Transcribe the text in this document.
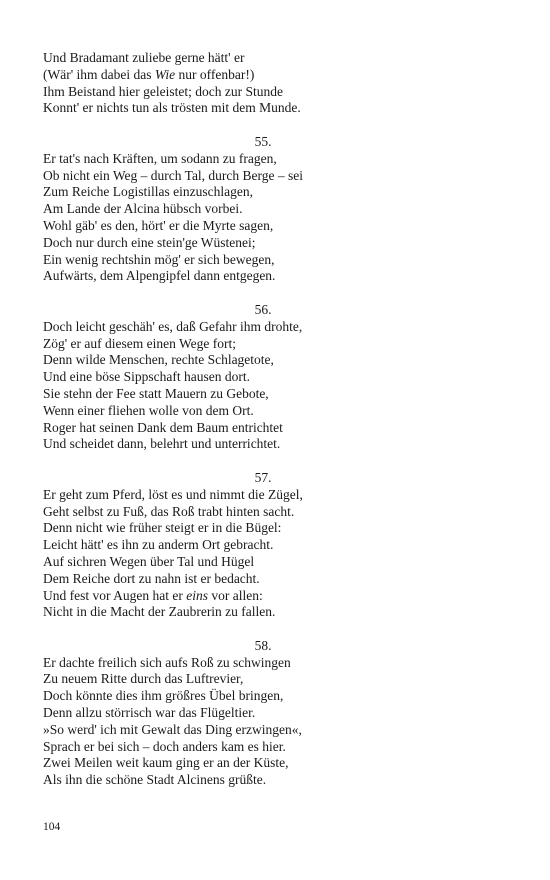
Und Bradamant zuliebe gerne hätt' er
(Wär' ihm dabei das Wie nur offenbar!)
Ihm Beistand hier geleistet; doch zur Stunde
Konnt' er nichts tun als trösten mit dem Munde.
55.
Er tat's nach Kräften, um sodann zu fragen,
Ob nicht ein Weg – durch Tal, durch Berge – sei
Zum Reiche Logistillas einzuschlagen,
Am Lande der Alcina hübsch vorbei.
Wohl gäb' es den, hört' er die Myrte sagen,
Doch nur durch eine stein'ge Wüstenei;
Ein wenig rechtshin mög' er sich bewegen,
Aufwärts, dem Alpengipfel dann entgegen.
56.
Doch leicht geschäh' es, daß Gefahr ihm drohte,
Zög' er auf diesem einen Wege fort;
Denn wilde Menschen, rechte Schlagetote,
Und eine böse Sippschaft hausen dort.
Sie stehn der Fee statt Mauern zu Gebote,
Wenn einer fliehen wolle von dem Ort.
Roger hat seinen Dank dem Baum entrichtet
Und scheidet dann, belehrt und unterrichtet.
57.
Er geht zum Pferd, löst es und nimmt die Zügel,
Geht selbst zu Fuß, das Roß trabt hinten sacht.
Denn nicht wie früher steigt er in die Bügel:
Leicht hätt' es ihn zu anderm Ort gebracht.
Auf sichren Wegen über Tal und Hügel
Dem Reiche dort zu nahn ist er bedacht.
Und fest vor Augen hat er eins vor allen:
Nicht in die Macht der Zaubrerin zu fallen.
58.
Er dachte freilich sich aufs Roß zu schwingen
Zu neuem Ritte durch das Luftrevier,
Doch könnte dies ihm größres Übel bringen,
Denn allzu störrisch war das Flügeltier.
»So werd' ich mit Gewalt das Ding erzwingen«,
Sprach er bei sich – doch anders kam es hier.
Zwei Meilen weit kaum ging er an der Küste,
Als ihn die schöne Stadt Alcinens grüßte.
104
